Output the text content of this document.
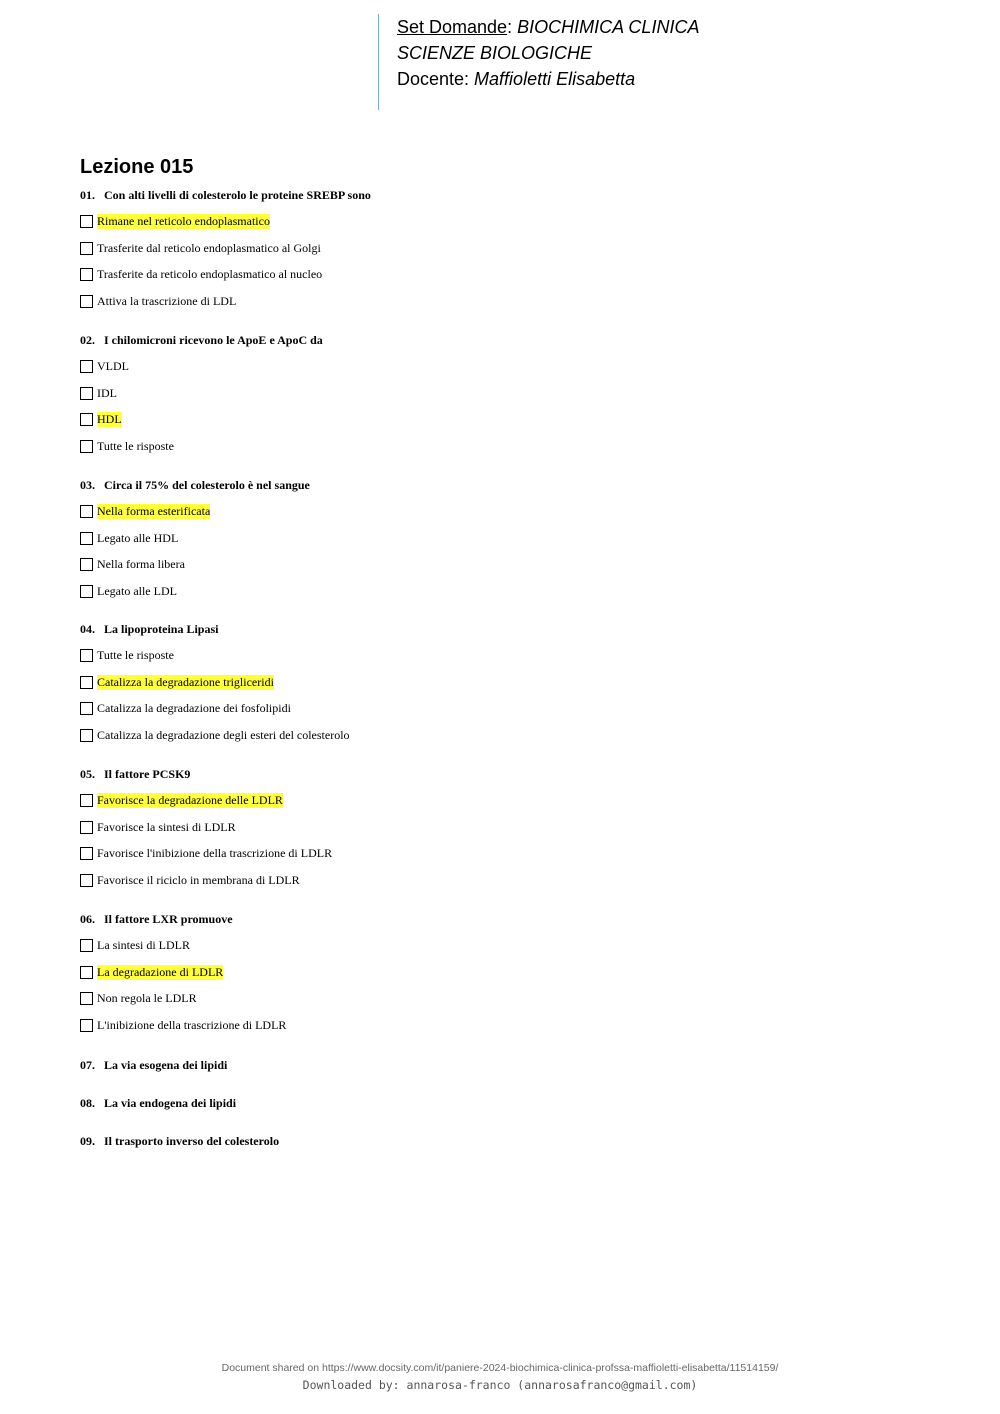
Set Domande: BIOCHIMICA CLINICA
SCIENZE BIOLOGICHE
Docente: Maffioletti Elisabetta
Lezione 015
01. Con alti livelli di colesterolo le proteine SREBP sono
Rimane nel reticolo endoplasmatico
Trasferite dal reticolo endoplasmatico al Golgi
Trasferite da reticolo endoplasmatico al nucleo
Attiva la trascrizione di LDL
02. I chilomicroni ricevono le ApoE e ApoC da
VLDL
IDL
HDL
Tutte le risposte
03. Circa il 75% del colesterolo è nel sangue
Nella forma esterificata
Legato alle HDL
Nella forma libera
Legato alle LDL
04. La lipoproteina Lipasi
Tutte le risposte
Catalizza la degradazione trigliceridi
Catalizza la degradazione dei fosfolipidi
Catalizza la degradazione degli esteri del colesterolo
05. Il fattore PCSK9
Favorisce la degradazione delle LDLR
Favorisce la sintesi di LDLR
Favorisce l'inibizione della trascrizione di LDLR
Favorisce il riciclo in membrana di LDLR
06. Il fattore LXR promuove
La sintesi di LDLR
La degradazione di LDLR
Non regola le LDLR
L'inibizione della trascrizione di LDLR
07. La via esogena dei lipidi
08. La via endogena dei lipidi
09. Il trasporto inverso del colesterolo
Document shared on https://www.docsity.com/it/paniere-2024-biochimica-clinica-profssa-maffioletti-elisabetta/11514159/
Downloaded by: annarosa-franco (annarosafranco@gmail.com)
